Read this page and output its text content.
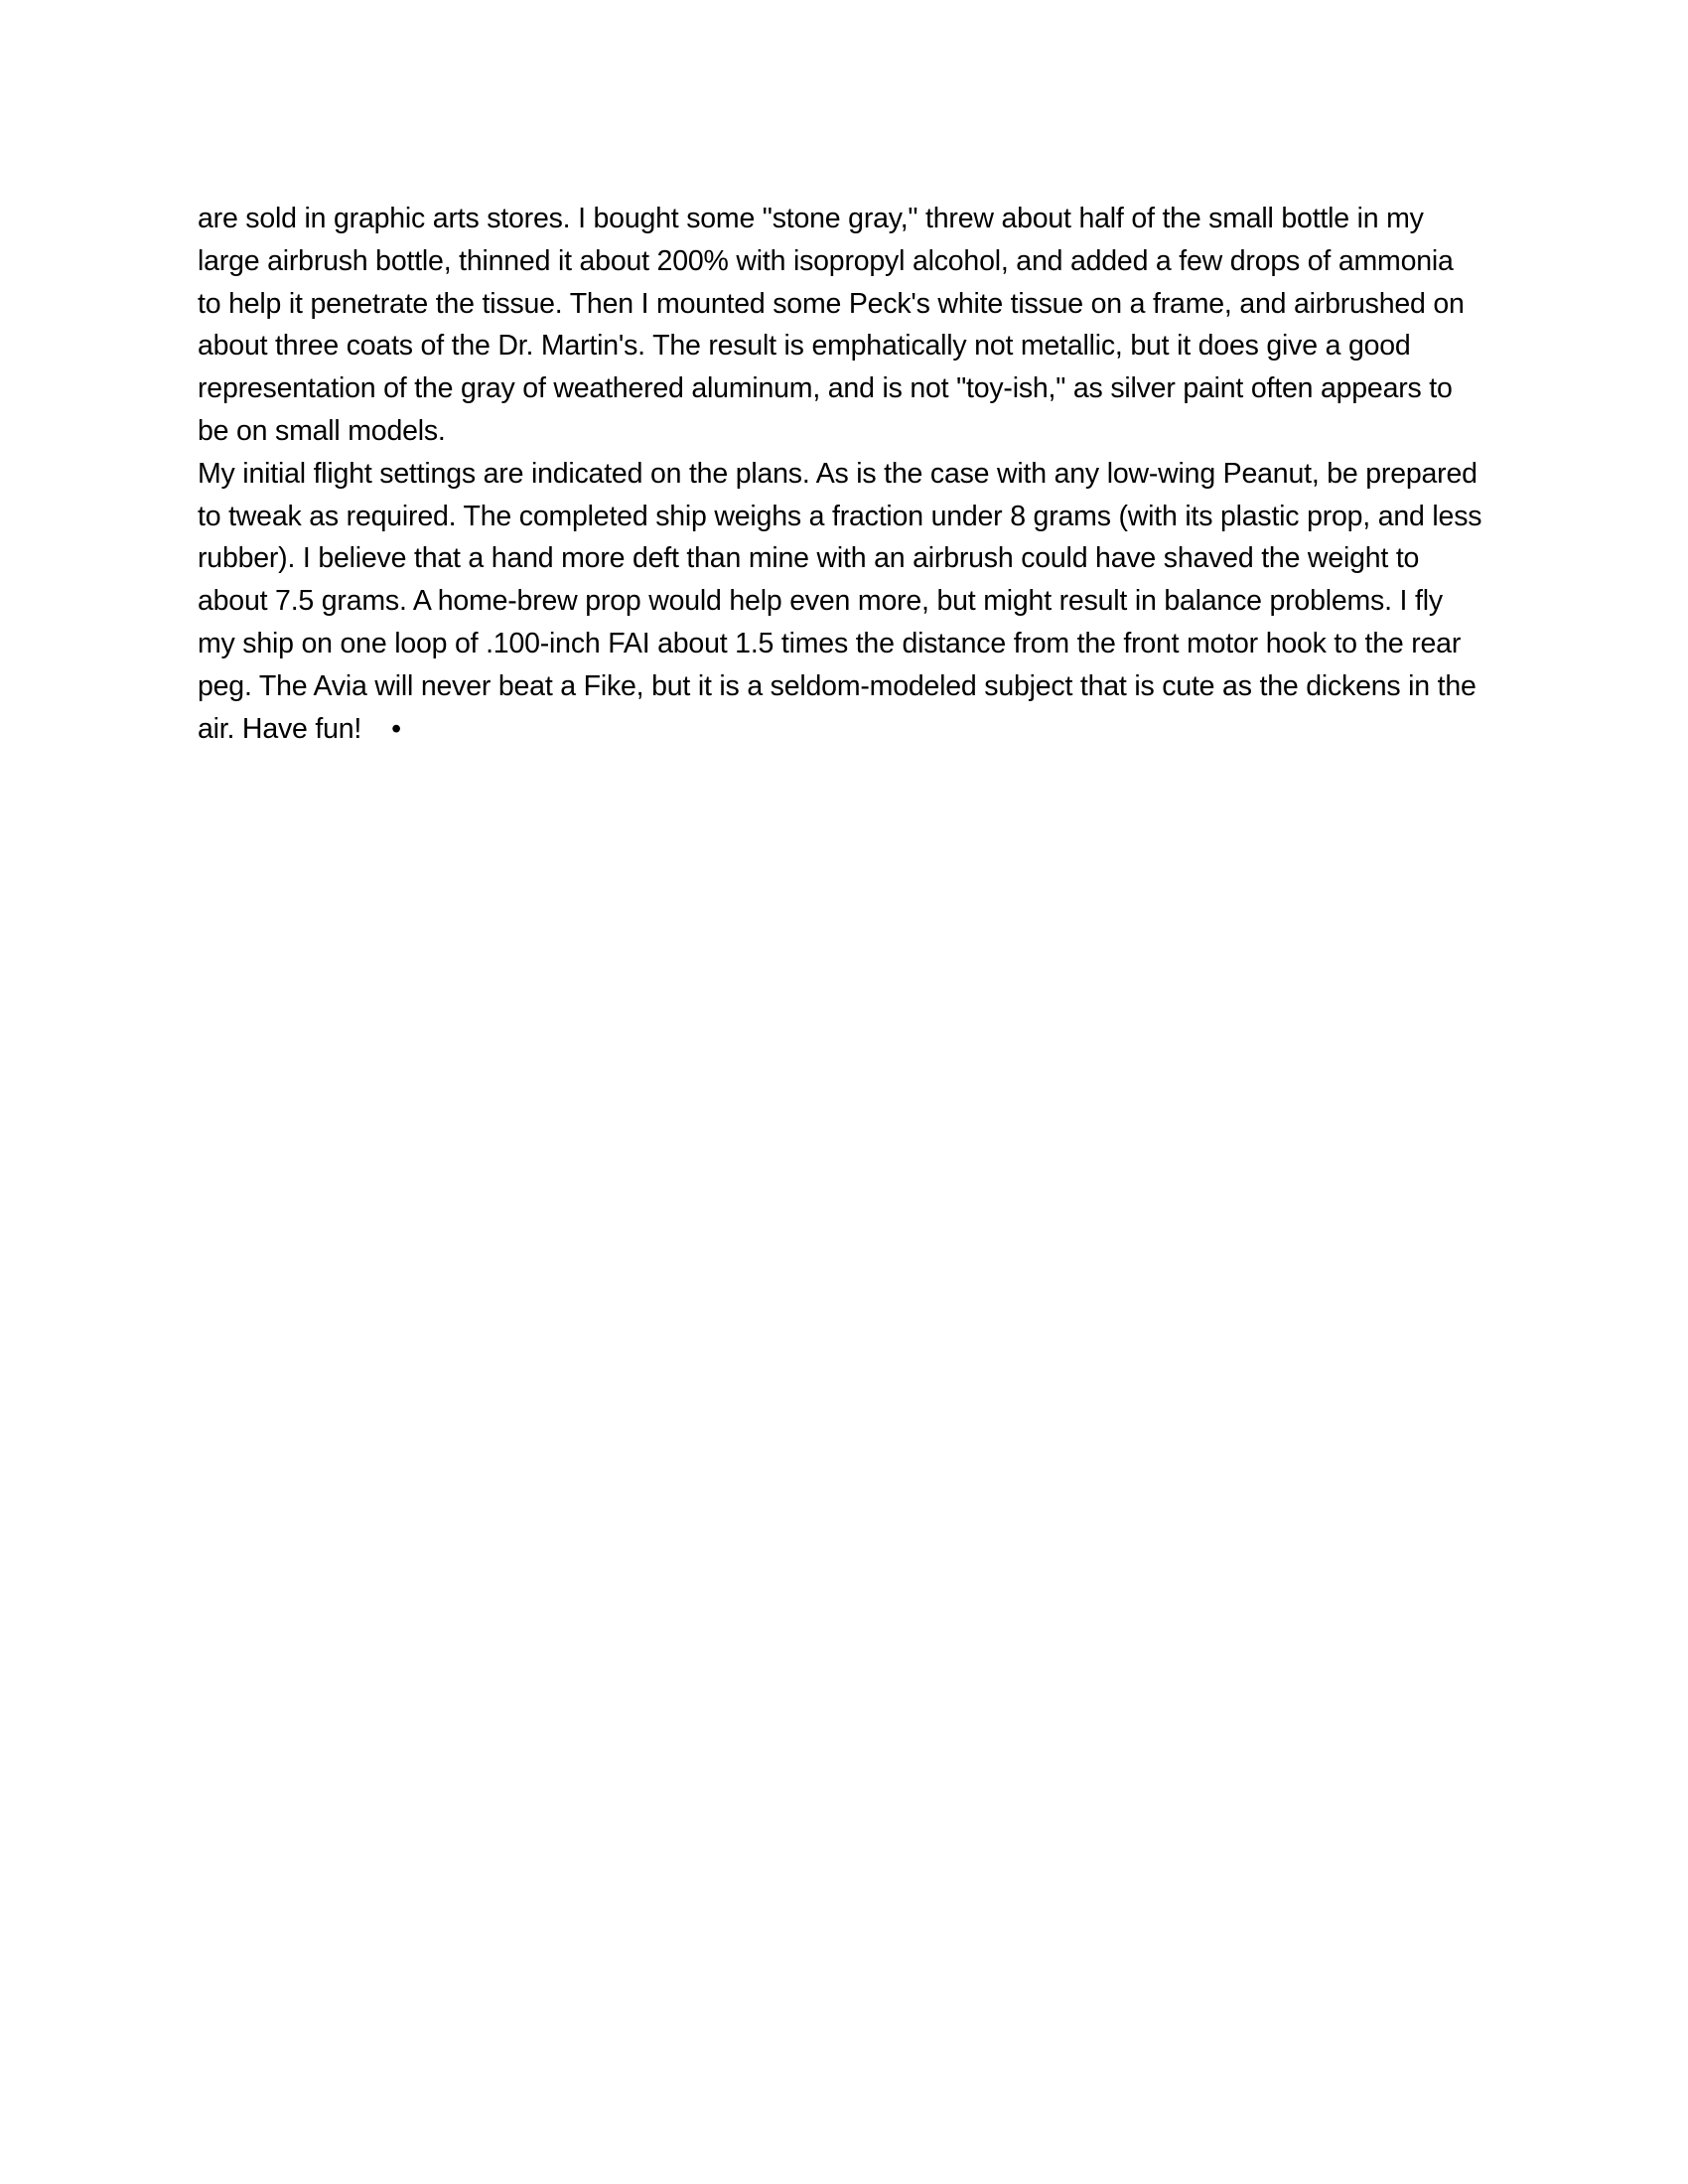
are sold in graphic arts stores. I bought some "stone gray," threw about half of the small bottle in my
large airbrush bottle, thinned it about 200% with isopropyl alcohol, and added a few drops of ammonia
to help it penetrate the tissue. Then I mounted some Peck's white tissue on a frame, and airbrushed on
about three coats of the Dr. Martin's. The result is emphatically not metallic, but it does give a good
representation of the gray of weathered aluminum, and is not "toy-ish," as silver paint often appears to
be on small models.
My initial flight settings are indicated on the plans. As is the case with any low-wing Peanut, be prepared
to tweak as required. The completed ship weighs a fraction under 8 grams (with its plastic prop, and less
rubber). I believe that a hand more deft than mine with an airbrush could have shaved the weight to
about 7.5 grams. A home-brew prop would help even more, but might result in balance problems. I fly
my ship on one loop of .100-inch FAI about 1.5 times the distance from the front motor hook to the rear
peg. The Avia will never beat a Fike, but it is a seldom-modeled subject that is cute as the dickens in the
air. Have fun! •
